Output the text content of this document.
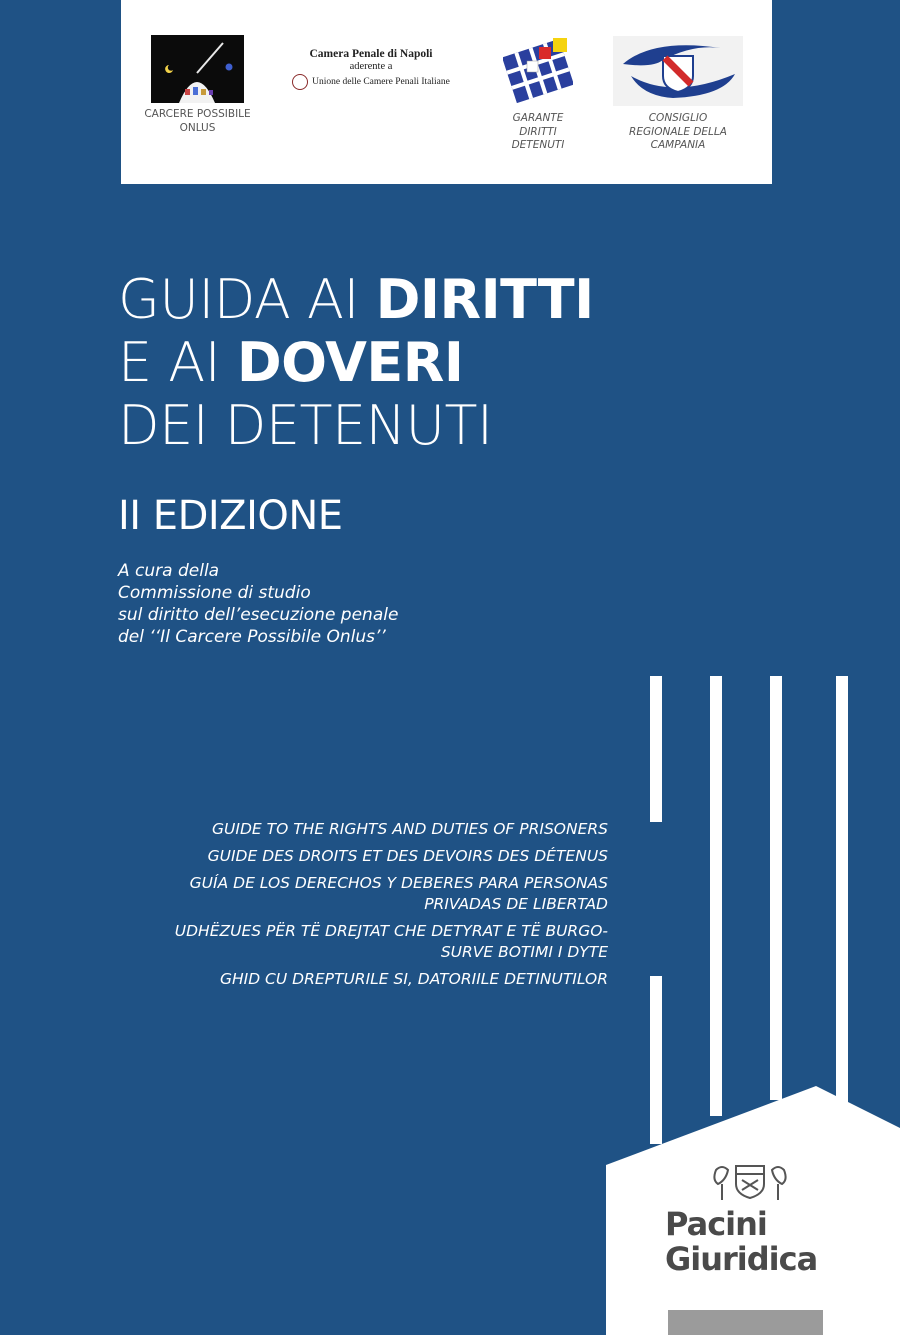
CARCERE POSSIBILE ONLUS
Camera Penale di Napoli
aderente a
Unione delle Camere Penali Italiane
GARANTE
DIRITTI
DETENUTI
CONSIGLIO
REGIONALE DELLA
CAMPANIA
GUIDA AI DIRITTI
E AI DOVERI
DEI DETENUTI
II EDIZIONE
A cura della
Commissione di studio
sul diritto dell’esecuzione penale
del ‘‘Il Carcere Possibile Onlus’’
GUIDE TO THE RIGHTS AND DUTIES OF PRISONERS
GUIDE DES DROITS ET DES DEVOIRS DES DÉTENUS
GUÍA DE LOS DERECHOS Y DEBERES PARA PERSONAS
PRIVADAS DE LIBERTAD
UDHËZUES PËR TË DREJTAT CHE DETYRAT E TË BURGO-
SURVE BOTIMI I DYTE
GHID CU DREPTURILE SI, DATORIILE DETINUTILOR
Pacini
Giuridica
